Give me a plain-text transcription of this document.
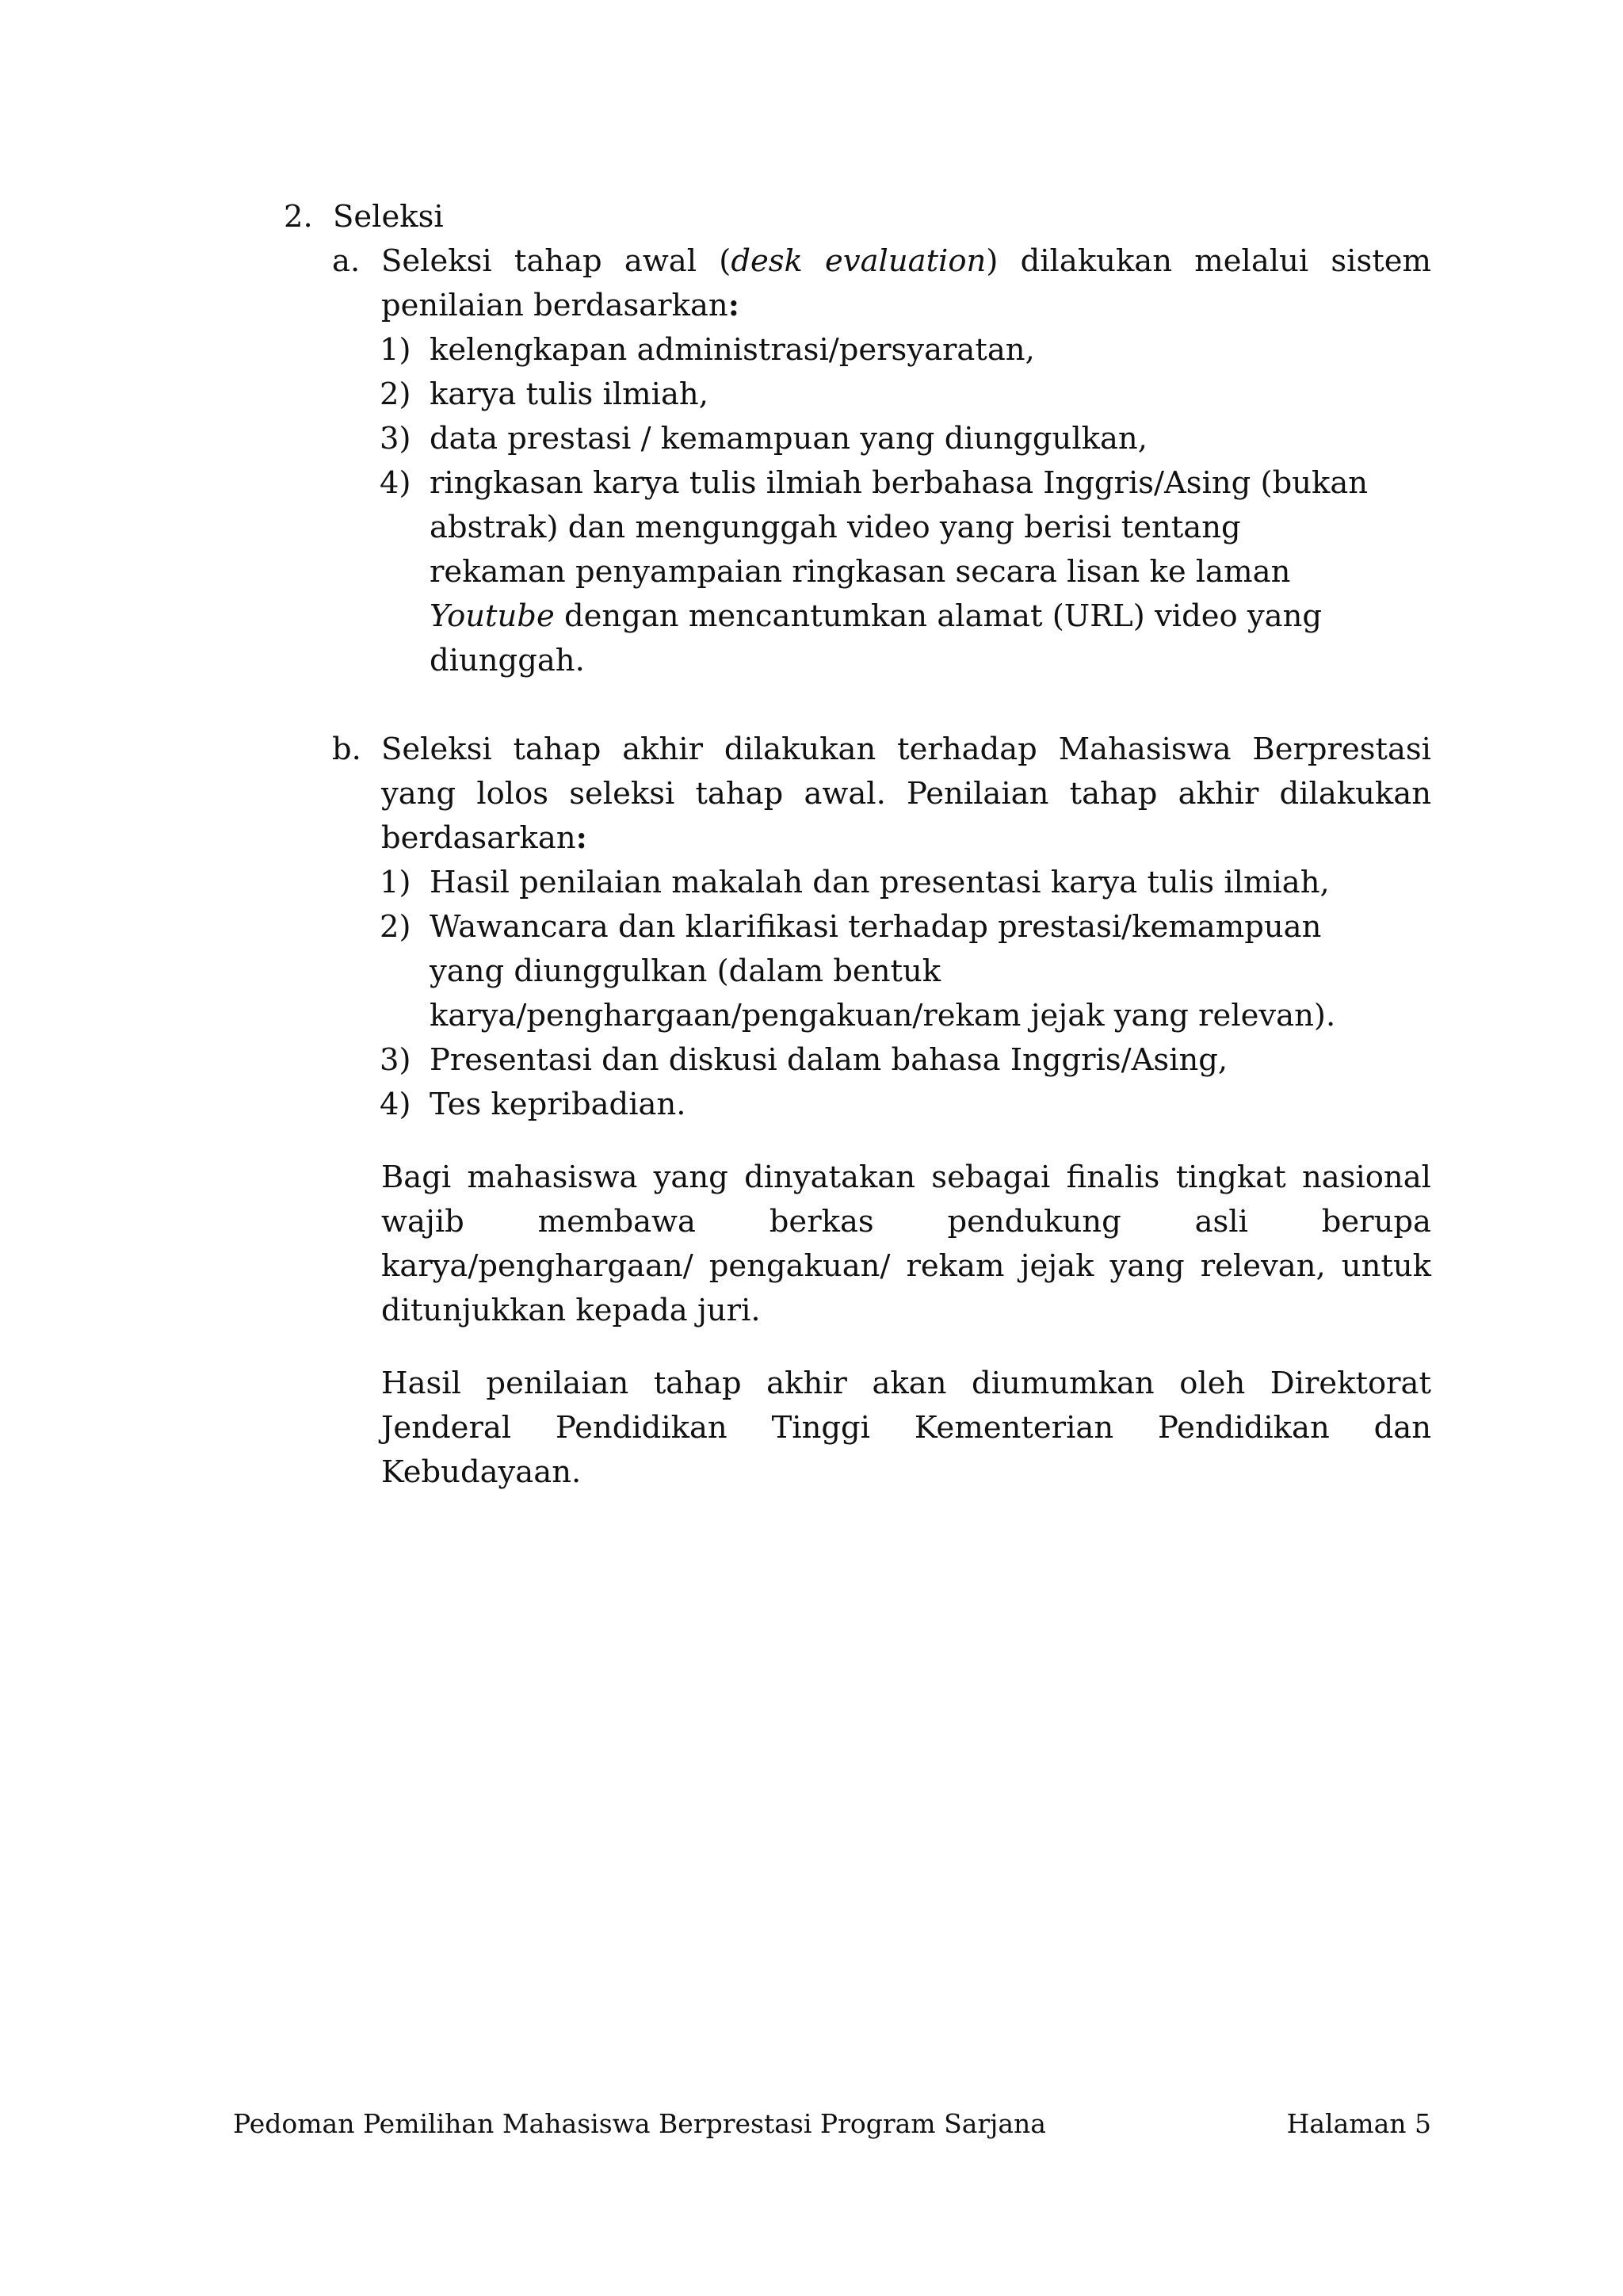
2. Seleksi
a. Seleksi tahap awal (desk evaluation) dilakukan melalui sistem penilaian berdasarkan:
1) kelengkapan administrasi/persyaratan,
2) karya tulis ilmiah,
3) data prestasi / kemampuan yang diunggulkan,
4) ringkasan karya tulis ilmiah berbahasa Inggris/Asing (bukan abstrak) dan mengunggah video yang berisi tentang rekaman penyampaian ringkasan secara lisan ke laman Youtube dengan mencantumkan alamat (URL) video yang diunggah.
b. Seleksi tahap akhir dilakukan terhadap Mahasiswa Berprestasi yang lolos seleksi tahap awal. Penilaian tahap akhir dilakukan berdasarkan:
1) Hasil penilaian makalah dan presentasi karya tulis ilmiah,
2) Wawancara dan klarifikasi terhadap prestasi/kemampuan yang diunggulkan (dalam bentuk karya/penghargaan/pengakuan/rekam jejak yang relevan).
3) Presentasi dan diskusi dalam bahasa Inggris/Asing,
4) Tes kepribadian.
Bagi mahasiswa yang dinyatakan sebagai finalis tingkat nasional wajib membawa berkas pendukung asli berupa karya/penghargaan/ pengakuan/ rekam jejak yang relevan, untuk ditunjukkan kepada juri.
Hasil penilaian tahap akhir akan diumumkan oleh Direktorat Jenderal Pendidikan Tinggi Kementerian Pendidikan dan Kebudayaan.
Pedoman Pemilihan Mahasiswa Berprestasi Program Sarjana	Halaman 5
